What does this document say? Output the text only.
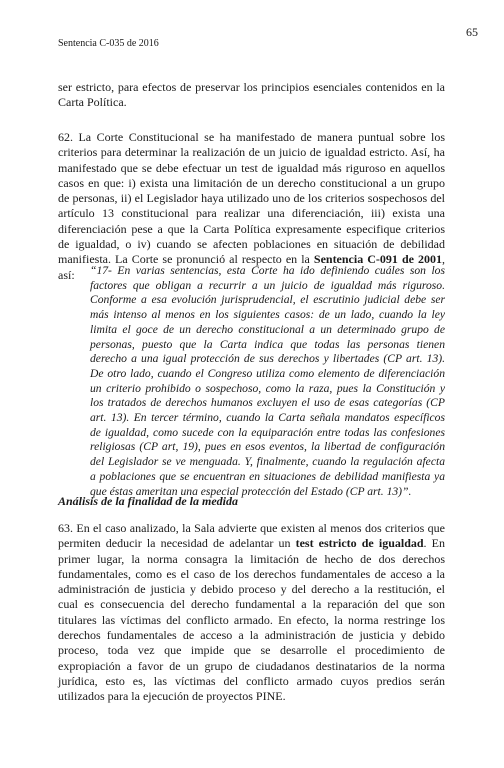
65
Sentencia C-035 de 2016
ser estricto, para efectos de preservar los principios esenciales contenidos en la
Carta Política.
62. La Corte Constitucional se ha manifestado de manera puntual sobre los
criterios para determinar la realización de un juicio de igualdad estricto. Así, ha
manifestado que se debe efectuar un test de igualdad más riguroso en aquellos
casos en que: i) exista una limitación de un derecho constitucional a un grupo
de personas, ii) el Legislador haya utilizado uno de los criterios sospechosos del
artículo 13 constitucional para realizar una diferenciación, iii) exista una
diferenciación pese a que la Carta Política expresamente especifique criterios
de igualdad, o iv) cuando se afecten poblaciones en situación de debilidad
manifiesta. La Corte se pronunció al respecto en la Sentencia C-091 de 2001,
así:	“17- En varias sentencias, esta Corte ha ido definiendo cuáles son los
factores que obligan a recurrir a un juicio de igualdad más riguroso.
Conforme a esa evolución jurisprudencial, el escrutinio judicial debe ser
más intenso al menos en los siguientes casos: de un lado, cuando la ley
limita el goce de un derecho constitucional a un determinado grupo de
personas, puesto que la Carta indica que todas las personas tienen
derecho a una igual protección de sus derechos y libertades (CP art. 13).
De otro lado, cuando el Congreso utiliza como elemento de diferenciación
un criterio prohibido o sospechoso, como la raza, pues la Constitución y
los tratados de derechos humanos excluyen el uso de esas categorías (CP
art. 13). En tercer término, cuando la Carta señala mandatos específicos
de igualdad, como sucede con la equiparación entre todas las confesiones
religiosas (CP art, 19), pues en esos eventos, la libertad de configuración
del Legislador se ve menguada. Y, finalmente, cuando la regulación afecta
a poblaciones que se encuentran en situaciones de debilidad manifiesta ya
que éstas ameritan una especial protección del Estado (CP art. 13)”.
Análisis de la finalidad de la medida
63. En el caso analizado, la Sala advierte que existen al menos dos criterios que
permiten deducir la necesidad de adelantar un test estricto de igualdad. En
primer lugar, la norma consagra la limitación de hecho de dos derechos
fundamentales, como es el caso de los derechos fundamentales de acceso a la
administración de justicia y debido proceso y del derecho a la restitución, el
cual es consecuencia del derecho fundamental a la reparación del que son
titulares las víctimas del conflicto armado. En efecto, la norma restringe los
derechos fundamentales de acceso a la administración de justicia y debido
proceso, toda vez que impide que se desarrolle el procedimiento de
expropiación a favor de un grupo de ciudadanos destinatarios de la norma
jurídica, esto es, las víctimas del conflicto armado cuyos predios serán
utilizados para la ejecución de proyectos PINE.
